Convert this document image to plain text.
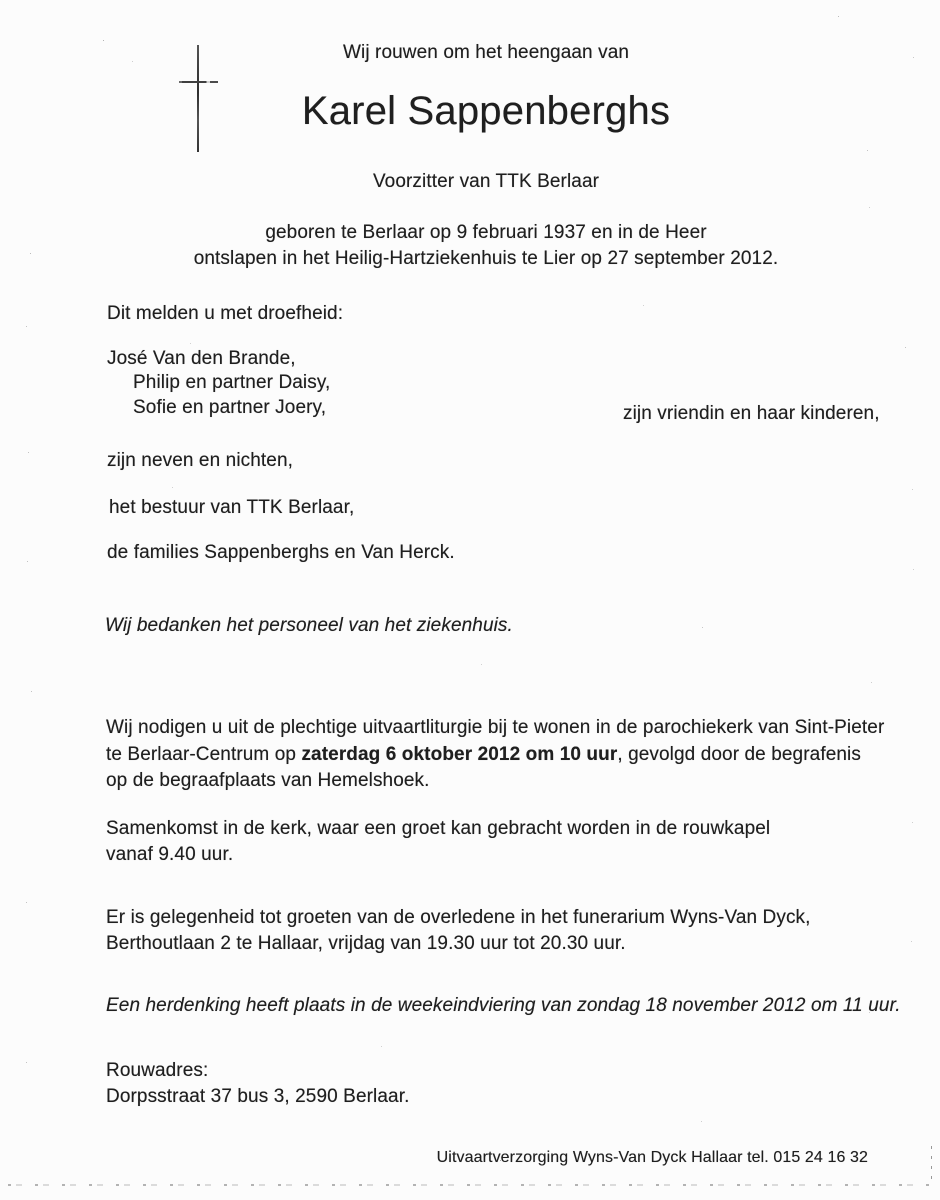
Wij rouwen om het heengaan van
Karel Sappenberghs
Voorzitter van TTK Berlaar
geboren te Berlaar op 9 februari 1937 en in de Heer
ontslapen in het Heilig-Hartziekenhuis te Lier op 27 september 2012.
Dit melden u met droefheid:
José Van den Brande,
Philip en partner Daisy,
Sofie en partner Joery,	zijn vriendin en haar kinderen,
zijn neven en nichten,
het bestuur van TTK Berlaar,
de families Sappenberghs en Van Herck.
Wij bedanken het personeel van het ziekenhuis.

Wij nodigen u uit de plechtige uitvaartliturgie bij te wonen in de parochiekerk van Sint-Pieter
te Berlaar-Centrum op zaterdag 6 oktober 2012 om 10 uur, gevolgd door de begrafenis
op de begraafplaats van Hemelshoek.

Samenkomst in de kerk, waar een groet kan gebracht worden in de rouwkapel
vanaf 9.40 uur.
Er is gelegenheid tot groeten van de overledene in het funerarium Wyns-Van Dyck,
Berthoutlaan 2 te Hallaar, vrijdag van 19.30 uur tot 20.30 uur.
Een herdenking heeft plaats in de weekeindviering van zondag 18 november 2012 om 11 uur.
Rouwadres:
Dorpsstraat 37 bus 3, 2590 Berlaar.
Uitvaartverzorging Wyns-Van Dyck Hallaar tel. 015 24 16 32
